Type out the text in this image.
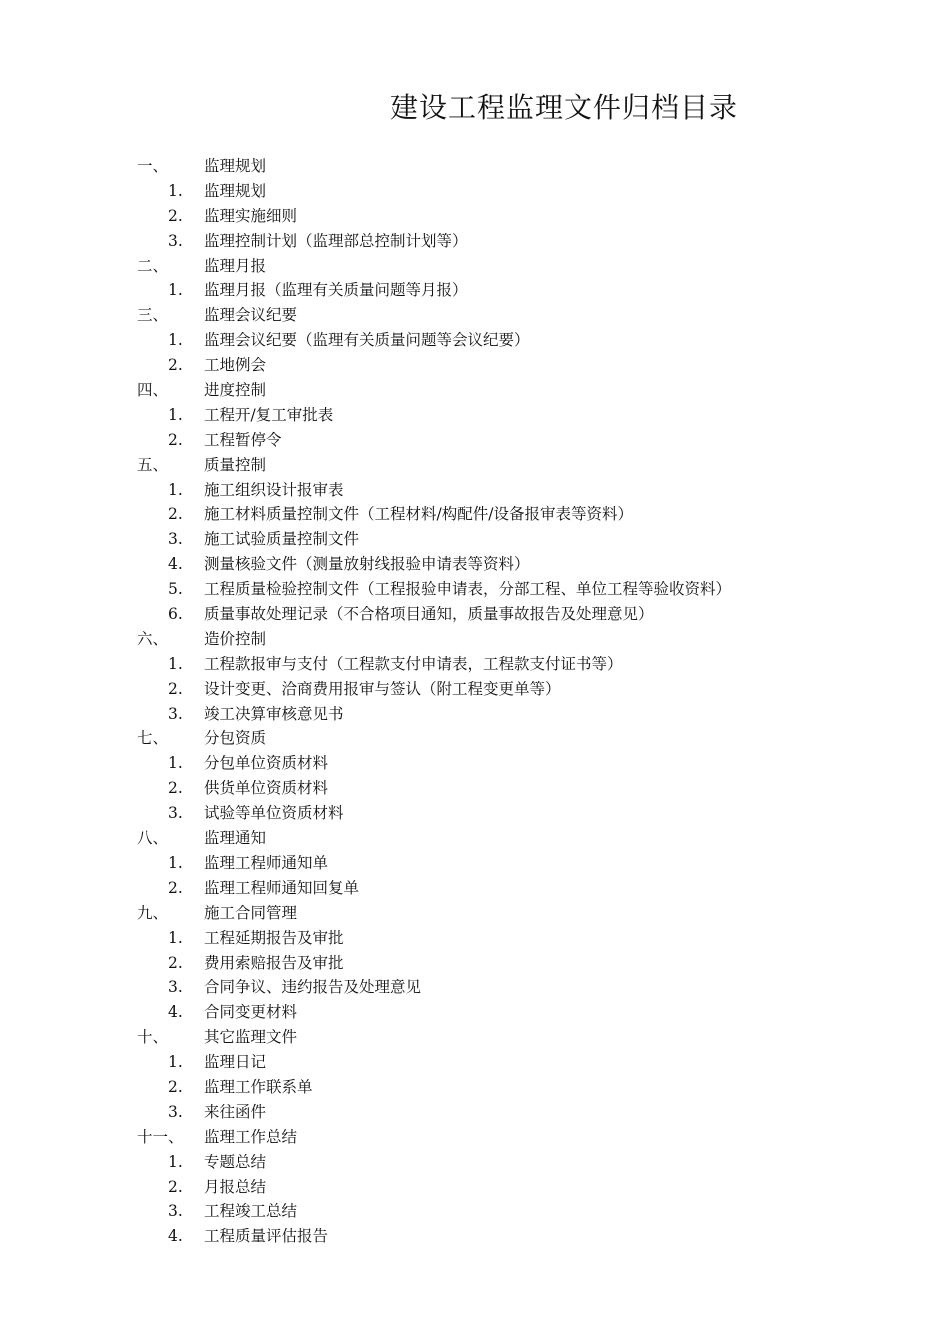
建设工程监理文件归档目录
一、 监理规划
1. 监理规划
2. 监理实施细则
3. 监理控制计划（监理部总控制计划等）
二、 监理月报
1. 监理月报（监理有关质量问题等月报）
三、 监理会议纪要
1. 监理会议纪要（监理有关质量问题等会议纪要）
2. 工地例会
四、 进度控制
1. 工程开/复工审批表
2. 工程暂停令
五、 质量控制
1. 施工组织设计报审表
2. 施工材料质量控制文件（工程材料/构配件/设备报审表等资料）
3. 施工试验质量控制文件
4. 测量核验文件（测量放射线报验申请表等资料）
5. 工程质量检验控制文件（工程报验申请表，分部工程、单位工程等验收资料）
6. 质量事故处理记录（不合格项目通知，质量事故报告及处理意见）
六、 造价控制
1. 工程款报审与支付（工程款支付申请表，工程款支付证书等）
2. 设计变更、洽商费用报审与签认（附工程变更单等）
3. 竣工决算审核意见书
七、 分包资质
1. 分包单位资质材料
2. 供货单位资质材料
3. 试验等单位资质材料
八、 监理通知
1. 监理工程师通知单
2. 监理工程师通知回复单
九、 施工合同管理
1. 工程延期报告及审批
2. 费用索赔报告及审批
3. 合同争议、违约报告及处理意见
4. 合同变更材料
十、 其它监理文件
1. 监理日记
2. 监理工作联系单
3. 来往函件
十一、 监理工作总结
1. 专题总结
2. 月报总结
3. 工程竣工总结
4. 工程质量评估报告
